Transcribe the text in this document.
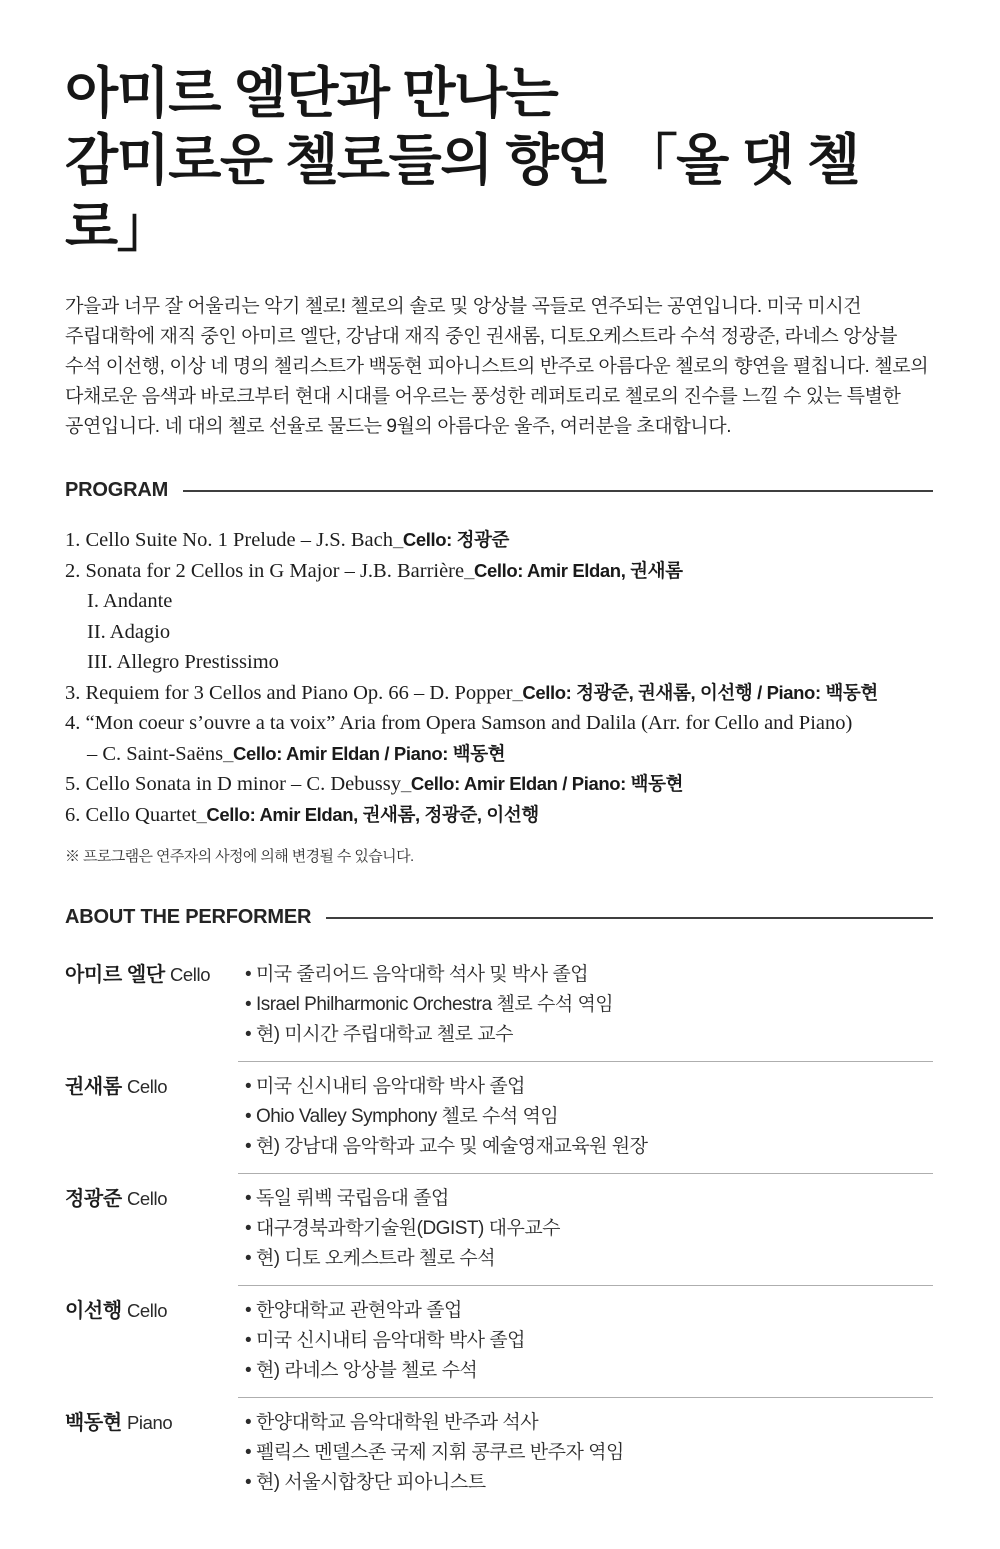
아미르 엘단과 만나는
감미로운 첼로들의 향연 「올 댓 첼로」

가을과 너무 잘 어울리는 악기 첼로! 첼로의 솔로 및 앙상블 곡들로 연주되는 공연입니다. 미국 미시건 주립대학에 재직 중인 아미르 엘단, 강남대 재직 중인 권새롬, 디토오케스트라 수석 정광준, 라네스 앙상블 수석 이선행, 이상 네 명의 첼리스트가 백동현 피아니스트의 반주로 아름다운 첼로의 향연을 펼칩니다. 첼로의 다채로운 음색과 바로크부터 현대 시대를 어우르는 풍성한 레퍼토리로 첼로의 진수를 느낄 수 있는 특별한 공연입니다. 네 대의 첼로 선율로 물드는 9월의 아름다운 울주, 여러분을 초대합니다.

PROGRAM
1. Cello Suite No. 1 Prelude – J.S. Bach_Cello: 정광준
2. Sonata for 2 Cellos in G Major – J.B. Barrière_Cello: Amir Eldan, 권새롬
I. Andante
II. Adagio
III. Allegro Prestissimo
3. Requiem for 3 Cellos and Piano Op. 66 – D. Popper_Cello: 정광준, 권새롬, 이선행 / Piano: 백동현
4. “Mon coeur s’ouvre a ta voix” Aria from Opera Samson and Dalila (Arr. for Cello and Piano)
– C. Saint-Saëns_Cello: Amir Eldan / Piano: 백동현
5. Cello Sonata in D minor – C. Debussy_Cello: Amir Eldan / Piano: 백동현
6. Cello Quartet_Cello: Amir Eldan, 권새롬, 정광준, 이선행

※ 프로그램은 연주자의 사정에 의해 변경될 수 있습니다.

ABOUT THE PERFORMER
아미르 엘단 Cello	• 미국 줄리어드 음악대학 석사 및 박사 졸업
• Israel Philharmonic Orchestra 첼로 수석 역임
• 현) 미시간 주립대학교 첼로 교수
권새롬 Cello	• 미국 신시내티 음악대학 박사 졸업
• Ohio Valley Symphony 첼로 수석 역임
• 현) 강남대 음악학과 교수 및 예술영재교육원 원장
정광준 Cello	• 독일 뤼벡 국립음대 졸업
• 대구경북과학기술원(DGIST) 대우교수
• 현) 디토 오케스트라 첼로 수석
이선행 Cello	• 한양대학교 관현악과 졸업
• 미국 신시내티 음악대학 박사 졸업
• 현) 라네스 앙상블 첼로 수석
백동현 Piano	• 한양대학교 음악대학원 반주과 석사
• 펠릭스 멘델스존 국제 지휘 콩쿠르 반주자 역임
• 현) 서울시합창단 피아니스트
